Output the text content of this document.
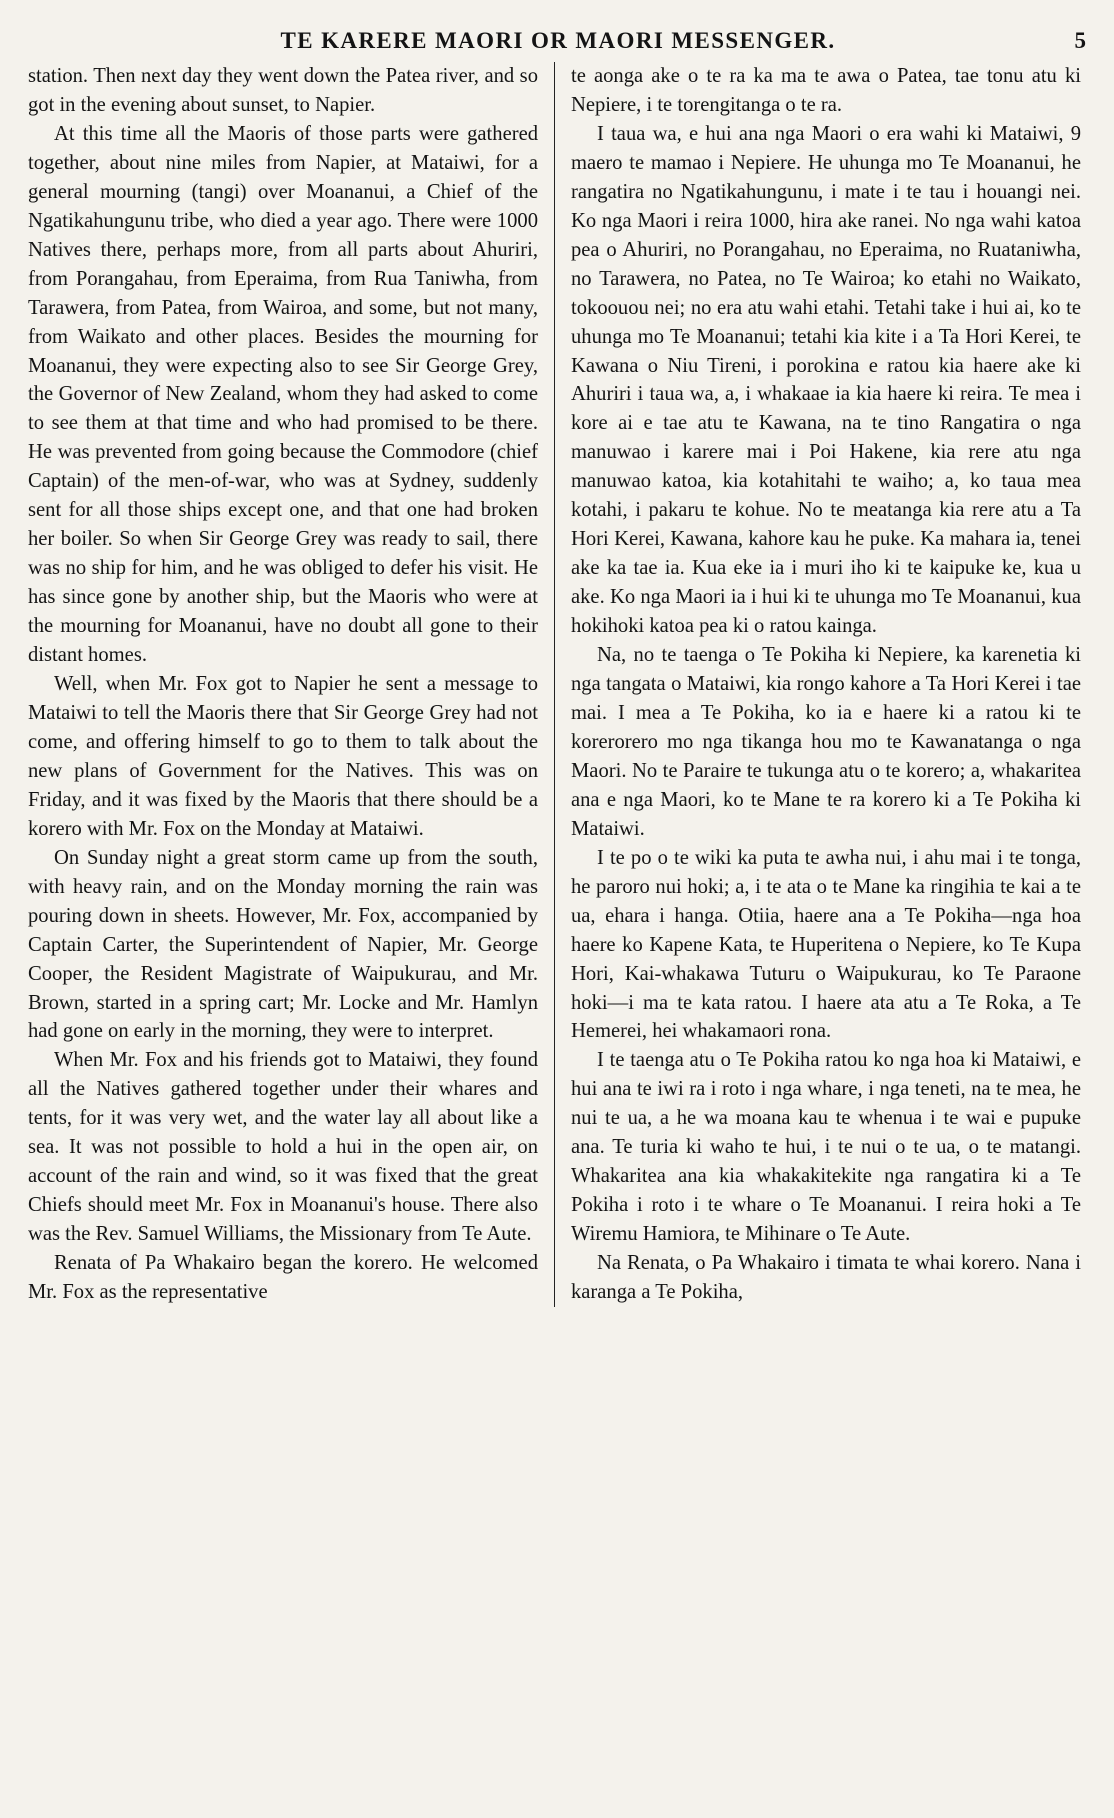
TE KARERE MAORI OR MAORI MESSENGER.	5

station. Then next day they went down the Patea river, and so got in the evening about sunset, to Napier.

At this time all the Maoris of those parts were gathered together, about nine miles from Napier, at Mataiwi, for a general mourning (tangi) over Moananui, a Chief of the Ngatikahungunu tribe, who died a year ago. There were 1000 Natives there, perhaps more, from all parts about Ahuriri, from Porangahau, from Eperaima, from Rua Taniwha, from Tarawera, from Patea, from Wairoa, and some, but not many, from Waikato and other places. Besides the mourning for Moananui, they were expecting also to see Sir George Grey, the Governor of New Zealand, whom they had asked to come to see them at that time and who had promised to be there. He was prevented from going because the Commodore (chief Captain) of the men-of-war, who was at Sydney, suddenly sent for all those ships except one, and that one had broken her boiler. So when Sir George Grey was ready to sail, there was no ship for him, and he was obliged to defer his visit. He has since gone by another ship, but the Maoris who were at the mourning for Moananui, have no doubt all gone to their distant homes.

Well, when Mr. Fox got to Napier he sent a message to Mataiwi to tell the Maoris there that Sir George Grey had not come, and offering himself to go to them to talk about the new plans of Government for the Natives. This was on Friday, and it was fixed by the Maoris that there should be a korero with Mr. Fox on the Monday at Mataiwi.

On Sunday night a great storm came up from the south, with heavy rain, and on the Monday morning the rain was pouring down in sheets. However, Mr. Fox, accompanied by Captain Carter, the Superintendent of Napier, Mr. George Cooper, the Resident Magistrate of Waipukurau, and Mr. Brown, started in a spring cart; Mr. Locke and Mr. Hamlyn had gone on early in the morning, they were to interpret.

When Mr. Fox and his friends got to Mataiwi, they found all the Natives gathered together under their whares and tents, for it was very wet, and the water lay all about like a sea. It was not possible to hold a hui in the open air, on account of the rain and wind, so it was fixed that the great Chiefs should meet Mr. Fox in Moananui's house. There also was the Rev. Samuel Williams, the Missionary from Te Aute.

Renata of Pa Whakairo began the korero. He welcomed Mr. Fox as the representative

te aonga ake o te ra ka ma te awa o Patea, tae tonu atu ki Nepiere, i te torengitanga o te ra.

I taua wa, e hui ana nga Maori o era wahi ki Mataiwi, 9 maero te mamao i Nepiere. He uhunga mo Te Moananui, he rangatira no Ngatikahungunu, i mate i te tau i houangi nei. Ko nga Maori i reira 1000, hira ake ranei. No nga wahi katoa pea o Ahuriri, no Porangahau, no Eperaima, no Ruataniwha, no Tarawera, no Patea, no Te Wairoa; ko etahi no Waikato, tokoouou nei; no era atu wahi etahi. Tetahi take i hui ai, ko te uhunga mo Te Moananui; tetahi kia kite i a Ta Hori Kerei, te Kawana o Niu Tireni, i porokina e ratou kia haere ake ki Ahuriri i taua wa, a, i whakaae ia kia haere ki reira. Te mea i kore ai e tae atu te Kawana, na te tino Rangatira o nga manuwao i karere mai i Poi Hakene, kia rere atu nga manuwao katoa, kia kotahitahi te waiho; a, ko taua mea kotahi, i pakaru te kohue. No te meatanga kia rere atu a Ta Hori Kerei, Kawana, kahore kau he puke. Ka mahara ia, tenei ake ka tae ia. Kua eke ia i muri iho ki te kaipuke ke, kua u ake. Ko nga Maori ia i hui ki te uhunga mo Te Moananui, kua hokihoki katoa pea ki o ratou kainga.

Na, no te taenga o Te Pokiha ki Nepiere, ka karenetia ki nga tangata o Mataiwi, kia rongo kahore a Ta Hori Kerei i tae mai. I mea a Te Pokiha, ko ia e haere ki a ratou ki te korerorero mo nga tikanga hou mo te Kawanatanga o nga Maori. No te Paraire te tukunga atu o te korero; a, whakaritea ana e nga Maori, ko te Mane te ra korero ki a Te Pokiha ki Mataiwi.

I te po o te wiki ka puta te awha nui, i ahu mai i te tonga, he paroro nui hoki; a, i te ata o te Mane ka ringihia te kai a te ua, ehara i hanga. Otiia, haere ana a Te Pokiha—nga hoa haere ko Kapene Kata, te Huperitena o Nepiere, ko Te Kupa Hori, Kai-whakawa Tuturu o Waipukurau, ko Te Paraone hoki—i ma te kata ratou. I haere ata atu a Te Roka, a Te Hemerei, hei whakamaori rona.

I te taenga atu o Te Pokiha ratou ko nga hoa ki Mataiwi, e hui ana te iwi ra i roto i nga whare, i nga teneti, na te mea, he nui te ua, a he wa moana kau te whenua i te wai e pupuke ana. Te turia ki waho te hui, i te nui o te ua, o te matangi. Whakaritea ana kia whakakitekite nga rangatira ki a Te Pokiha i roto i te whare o Te Moananui. I reira hoki a Te Wiremu Hamiora, te Mihinare o Te Aute.

Na Renata, o Pa Whakairo i timata te whai korero. Nana i karanga a Te Pokiha,
